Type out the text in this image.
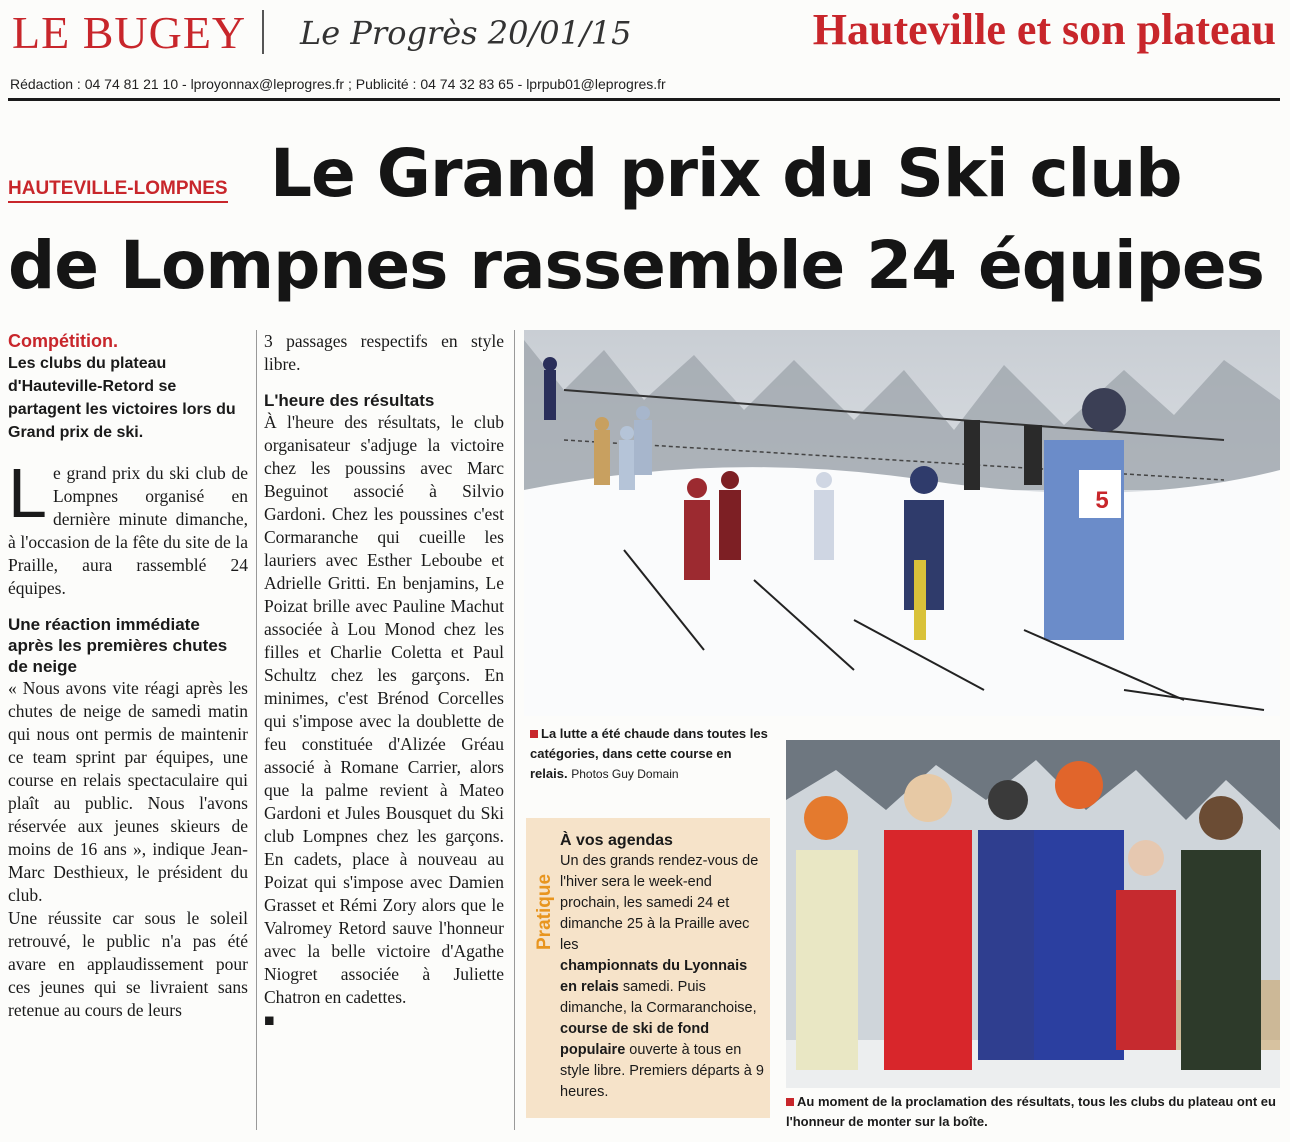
LE BUGEY Le Progrès 20/01/15	Hauteville et son plateau
Rédaction : 04 74 81 21 10 - lproyonnax@leprogres.fr ; Publicité : 04 74 32 83 65 - lprpub01@leprogres.fr
Le Grand prix du Ski club
de Lompnes rassemble 24 équipes
HAUTEVILLE-LOMPNES
Compétition.
Les clubs du plateau d'Hauteville-Retord se partagent les victoires lors du Grand prix de ski.
L e grand prix du ski club de Lompnes organisé en dernière minute dimanche, à l'occasion de la fête du site de la Praille, aura rassemblé 24 équipes.
Une réaction immédiate après les premières chutes de neige
« Nous avons vite réagi après les chutes de neige de samedi matin qui nous ont permis de maintenir ce team sprint par équipes, une course en relais spectaculaire qui plaît au public. Nous l'avons réservée aux jeunes skieurs de moins de 16 ans », indique Jean-Marc Desthieux, le président du club.
Une réussite car sous le soleil retrouvé, le public n'a pas été avare en applaudissement pour ces jeunes qui se livraient sans retenue au cours de leurs
3 passages respectifs en style libre.
L'heure des résultats
À l'heure des résultats, le club organisateur s'adjuge la victoire chez les poussins avec Marc Beguinot associé à Silvio Gardoni. Chez les poussines c'est Cormaranche qui cueille les lauriers avec Esther Leboube et Adrielle Gritti. En benjamins, Le Poizat brille avec Pauline Machut associée à Lou Monod chez les filles et Charlie Coletta et Paul Schultz chez les garçons. En minimes, c'est Brénod Corcelles qui s'impose avec la doublette de feu constituée d'Alizée Gréau associé à Romane Carrier, alors que la palme revient à Mateo Gardoni et Jules Bousquet du Ski club Lompnes chez les garçons. En cadets, place à nouveau au Poizat qui s'impose avec Damien Grasset et Rémi Zory alors que le Valromey Retord sauve l'honneur avec la belle victoire d'Agathe Niogret associée à Juliette Chatron en cadettes.
■
5
La lutte a été chaude dans toutes les catégories, dans cette course en relais. Photos Guy Domain
Pratique
À vos agendas
Un des grands rendez-vous de l'hiver sera le week-end prochain, les samedi 24 et dimanche 25 à la Praille avec les
championnats du Lyonnais en relais samedi. Puis dimanche, la Cormaranchoise, course de ski de fond populaire ouverte à tous en style libre. Premiers départs à 9 heures.
Au moment de la proclamation des résultats, tous les clubs du plateau ont eu l'honneur de monter sur la boîte.
